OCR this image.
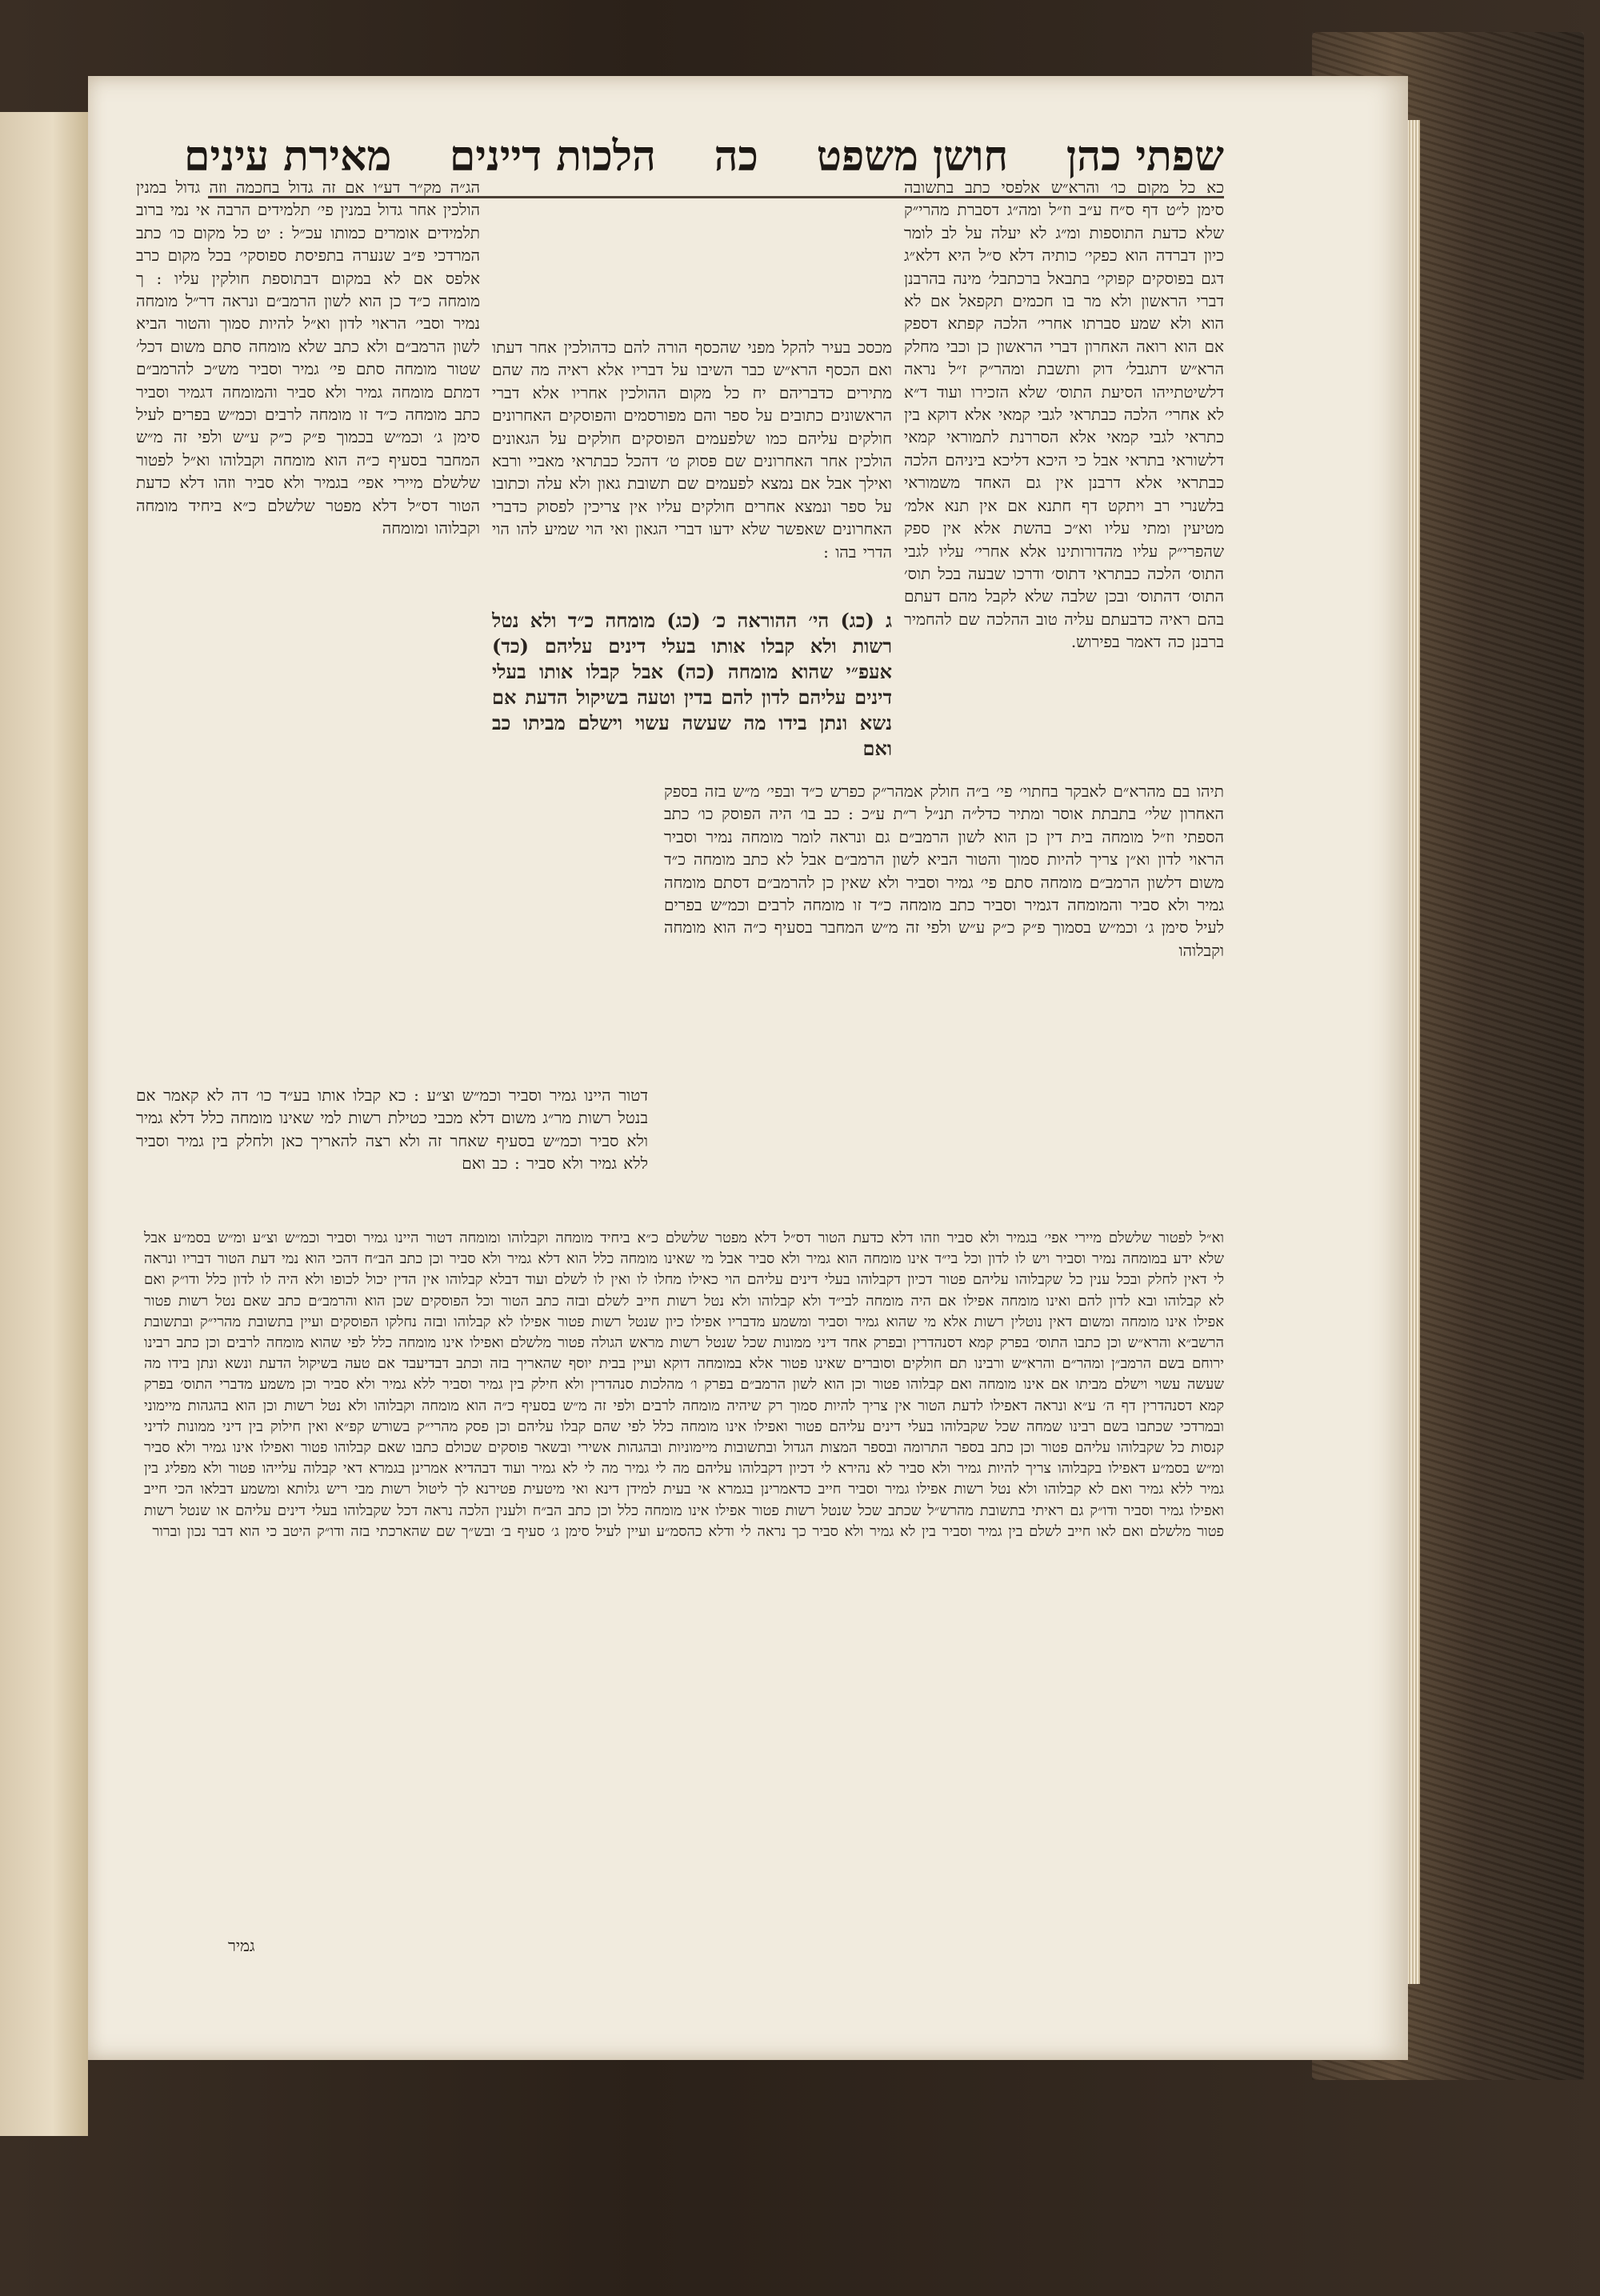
שפתי כהן
חושן משפט
כה
הלכות דיינים
מאירת עינים

כא כל מקום כו׳ והרא״ש אלפסי כתב בתשובה סימן ל״ט דף ס״ח ע״ב וז״ל ומה״ג דסברת מהרי״ק שלא כדעת התוספות ומ״ג לא יעלה על לב לומר כיון דברדה הוא כפקי׳ כותיה דלא ס״ל היא דלא״ג דגם בפוסקים קפוקי׳ בתבאל ברכתבל׳ מינה בהרבנן דברי הראשון ולא מר בו חכמים תקפאל אם לא הוא ולא שמע סברתו אחרי׳ הלכה קפתא דספק אם הוא רואה האחרון דברי הראשון כן וכבי מחלק הרא״ש דתגבל׳ דוק ותשבת ומהר״ק ז״ל נראה דלשיטתייהו הסיעת התוס׳ שלא הזכירו ועוד ד״א לא אחרי׳ הלכה כבתראי לגבי קמאי אלא דוקא בין כתראי לגבי קמאי אלא הסררנת לתמוראי קמאי דלשוראי בתראי אבל כי היכא דליכא ביניהם הלכה כבתראי אלא דרבנן אין גם האחד משמוראי בלשנרי רב ויתקט דף חתנא אם אין תנא אלמ׳ מטיעין ומתי עליו וא״כ בהשת אלא אין ספק שהפרי״ק עליו מהדורותינו אלא אחרי׳ עליו לגבי התוס׳ הלכה כבתראי דתוס׳ ודרכו שבעה בכל תוס׳ התוס׳ דהתוס׳ ובכן שלבה שלא לקבל מהם דעתם בהם ראיה כדבעתם עליה טוב ההלכה שם להחמיר ברבנן כה דאמר בפירוש.

הג״ה מק״ר דע״ו אם זה גדול בחכמה וזה גדול במנין הולכין אחר גדול במנין פי׳ תלמידים הרבה אי נמי ברוב תלמידים אומרים כמותו עכ״ל : יט כל מקום כו׳ כתב המרדכי פ״ב שנערה בתפיסת ספוסקי׳ בכל מקום כרב אלפס אם לא במקום דבתוספת חולקין עליו : ך מומחה כ״ד כן הוא לשון הרמב״ם ונראה דר״ל מומחה נמיר וסבי׳ הראוי לדון וא״ל להיות סמוך והטור הביא לשון הרמב״ם ולא כתב שלא מומחה סתם משום דכל׳ שטור מומחה סתם פי׳ גמיר וסביר מש״כ להרמב״ם דמתם מומחה גמיר ולא סביר והמומחה דגמיר וסביר כתב מומחה כ״ד זו מומחה לרבים וכמ״ש בפרים לעיל סימן ג׳ וכמ״ש בכמוך פ״ק כ״ק ע״ש ולפי זה מ״ש המחבר בסעיף כ״ה הוא מומחה וקבלוהו וא״ל לפטור שלשלם מיירי אפי׳ בגמיר ולא סביר וזהו דלא כדעת הטור דס״ל דלא מפטר שלשלם כ״א ביחיד מומחה וקבלוהו ומומחה

מכסכ בעיר להקל מפני שהכסף הורה להם כדהולכין אחר דעתו ואם הכסף הרא״ש כבר השיבו על דבריו אלא ראיה מה שהם מתירים כדבריהם יח כל מקום ההולכין אחריו אלא דברי הראשונים כתובים על ספר והם מפורסמים והפוסקים האחרונים חולקים עליהם כמו שלפעמים הפוסקים חולקים על הגאונים הולכין אחר האחרונים שם פסוק ט׳ דהכל כבתראי מאביי ורבא ואילך אבל אם נמצא לפעמים שם תשובת גאון ולא עלה וכתובו על ספר ונמצא אחרים חולקים עליו אין צריכין לפסוק כדברי האחרונים שאפשר שלא ידעו דברי הגאון ואי הוי שמיע להו הוי הדרי בהו :

ג (כג) הי׳ ההוראה כ׳ (כג) מומחה כ״ד ולא נטל רשות ולא קבלו אותו בעלי דינים עליהם (כד) אעפ״י שהוא מומחה (כה) אבל קבלו אותו בעלי דינים עליהם לדון להם בדין וטעה בשיקול הדעת אם נשא ונתן בידו מה שעשה עשוי וישלם מביתו כב ואם

תיהו בם מהרא״ם לאבקר בחתוי׳ פי׳ ב״ה חולק אמהר״ק כפרש כ״ד ובפי׳ מ״ש בזה בספק האחרון שלי׳ בתבתת אוסר ומתיר כדל״ה תנ״ל ר״ת ע״כ : כב בו׳ היה הפוסק כו׳ כתב הספתי וז״ל מומחה בית דין כן הוא לשון הרמב״ם גם ונראה לומר מומחה נמיר וסביר הראוי לדון וא״ן צריך להיות סמוך והטור הביא לשון הרמב״ם אבל לא כתב מומחה כ״ד משום דלשון הרמב״ם מומחה סתם פי׳ גמיר וסביר ולא שאין כן להרמב״ם דסתם מומחה גמיר ולא סביר והמומחה דגמיר וסביר כתב מומחה כ״ד זו מומחה לרבים וכמ״ש בפרים לעיל סימן ג׳ וכמ״ש בסמוך פ״ק כ״ק ע״ש ולפי זה מ״ש המחבר בסעיף כ״ה הוא מומחה וקבלוהו

דטור היינו גמיר וסביר וכמ״ש וצ״ע : כא קבלו אותו בע״ד כו׳ דה לא קאמר אם בנטל רשות מר״ג משום דלא מכבי כטילת רשות למי שאינו מומחה כלל דלא גמיר ולא סביר וכמ״ש בסעיף שאחר זה ולא רצה להאריך כאן ולחלק בין גמיר וסביר ללא גמיר ולא סביר : כב ואם

וא״ל לפטור שלשלם מיירי אפי׳ בגמיר ולא סביר וזהו דלא כדעת הטור דס״ל דלא מפטר שלשלם כ״א ביחיד מומחה וקבלוהו ומומחה דטור היינו גמיר וסביר וכמ״ש וצ״ע ומ״ש בסמ״ע אבל שלא ידע במומחה נמיר וסביר ויש לו לדון וכל בי״ד אינו מומחה הוא גמיר ולא סביר אבל מי שאינו מומחה כלל הוא דלא גמיר ולא סביר וכן כתב הב״ח דהכי הוא נמי דעת הטור דבריו ונראה לי דאין לחלק ובכל ענין כל שקבלוהו עליהם פטור דכיון דקבלוהו בעלי דינים עליהם הוי כאילו מחלו לו ואין לו לשלם ועוד דבלא קבלוהו אין הדין יכול לכופו ולא היה לו לדון כלל ודו״ק ואם לא קבלוהו ובא לדון להם ואינו מומחה אפילו אם היה מומחה לבי״ד ולא קבלוהו ולא נטל רשות חייב לשלם ובזה כתב הטור וכל הפוסקים שכן הוא והרמב״ם כתב שאם נטל רשות פטור אפילו אינו מומחה ומשום דאין נוטלין רשות אלא מי שהוא גמיר וסביר ומשמע מדבריו אפילו כיון שנטל רשות פטור אפילו לא קבלוהו ובזה נחלקו הפוסקים ועיין בתשובת מהרי״ק ובתשובת הרשב״א והרא״ש וכן כתבו התוס׳ בפרק קמא דסנהדרין ובפרק אחד דיני ממונות שכל שנטל רשות מראש הגולה פטור מלשלם ואפילו אינו מומחה כלל לפי שהוא מומחה לרבים וכן כתב רבינו ירוחם בשם הרמב״ן ומהר״ם והרא״ש ורבינו תם חולקים וסוברים שאינו פטור אלא במומחה דוקא ועיין בבית יוסף שהאריך בזה וכתב דבדיעבד אם טעה בשיקול הדעת ונשא ונתן בידו מה שעשה עשוי וישלם מביתו אם אינו מומחה ואם קבלוהו פטור וכן הוא לשון הרמב״ם בפרק ו׳ מהלכות סנהדרין ולא חילק בין גמיר וסביר ללא גמיר ולא סביר וכן משמע מדברי התוס׳ בפרק קמא דסנהדרין דף ה׳ ע״א ונראה דאפילו לדעת הטור אין צריך להיות סמוך רק שיהיה מומחה לרבים ולפי זה מ״ש בסעיף כ״ה הוא מומחה וקבלוהו ולא נטל רשות וכן הוא בהגהות מיימוני ובמרדכי שכתבו בשם רבינו שמחה שכל שקבלוהו בעלי דינים עליהם פטור ואפילו אינו מומחה כלל לפי שהם קבלו עליהם וכן פסק מהרי״ק בשורש קפ״א ואין חילוק בין דיני ממונות לדיני קנסות כל שקבלוהו עליהם פטור וכן כתב בספר התרומה ובספר המצות הגדול ובתשובות מיימוניות ובהגהות אשירי ובשאר פוסקים שכולם כתבו שאם קבלוהו פטור ואפילו אינו גמיר ולא סביר ומ״ש בסמ״ע דאפילו בקבלוהו צריך להיות גמיר ולא סביר לא נהירא לי דכיון דקבלוהו עליהם מה לי גמיר מה לי לא גמיר ועוד דבהדיא אמרינן בגמרא דאי קבלוה עלייהו פטור ולא מפליג בין גמיר ללא גמיר ואם לא קבלוהו ולא נטל רשות אפילו גמיר וסביר חייב כדאמרינן בגמרא אי בעית למידן דינא ואי מיטעית פטירנא לך ליטול רשות מבי ריש גלותא ומשמע דבלאו הכי חייב ואפילו גמיר וסביר ודו״ק גם ראיתי בתשובת מהרש״ל שכתב שכל שנטל רשות פטור אפילו אינו מומחה כלל וכן כתב הב״ח ולענין הלכה נראה דכל שקבלוהו בעלי דינים עליהם או שנטל רשות פטור מלשלם ואם לאו חייב לשלם בין גמיר וסביר בין לא גמיר ולא סביר כך נראה לי ודלא כהסמ״ע ועיין לעיל סימן ג׳ סעיף ב׳ ובש״ך שם שהארכתי בזה ודו״ק היטב כי הוא דבר נכון וברור

גמיר
